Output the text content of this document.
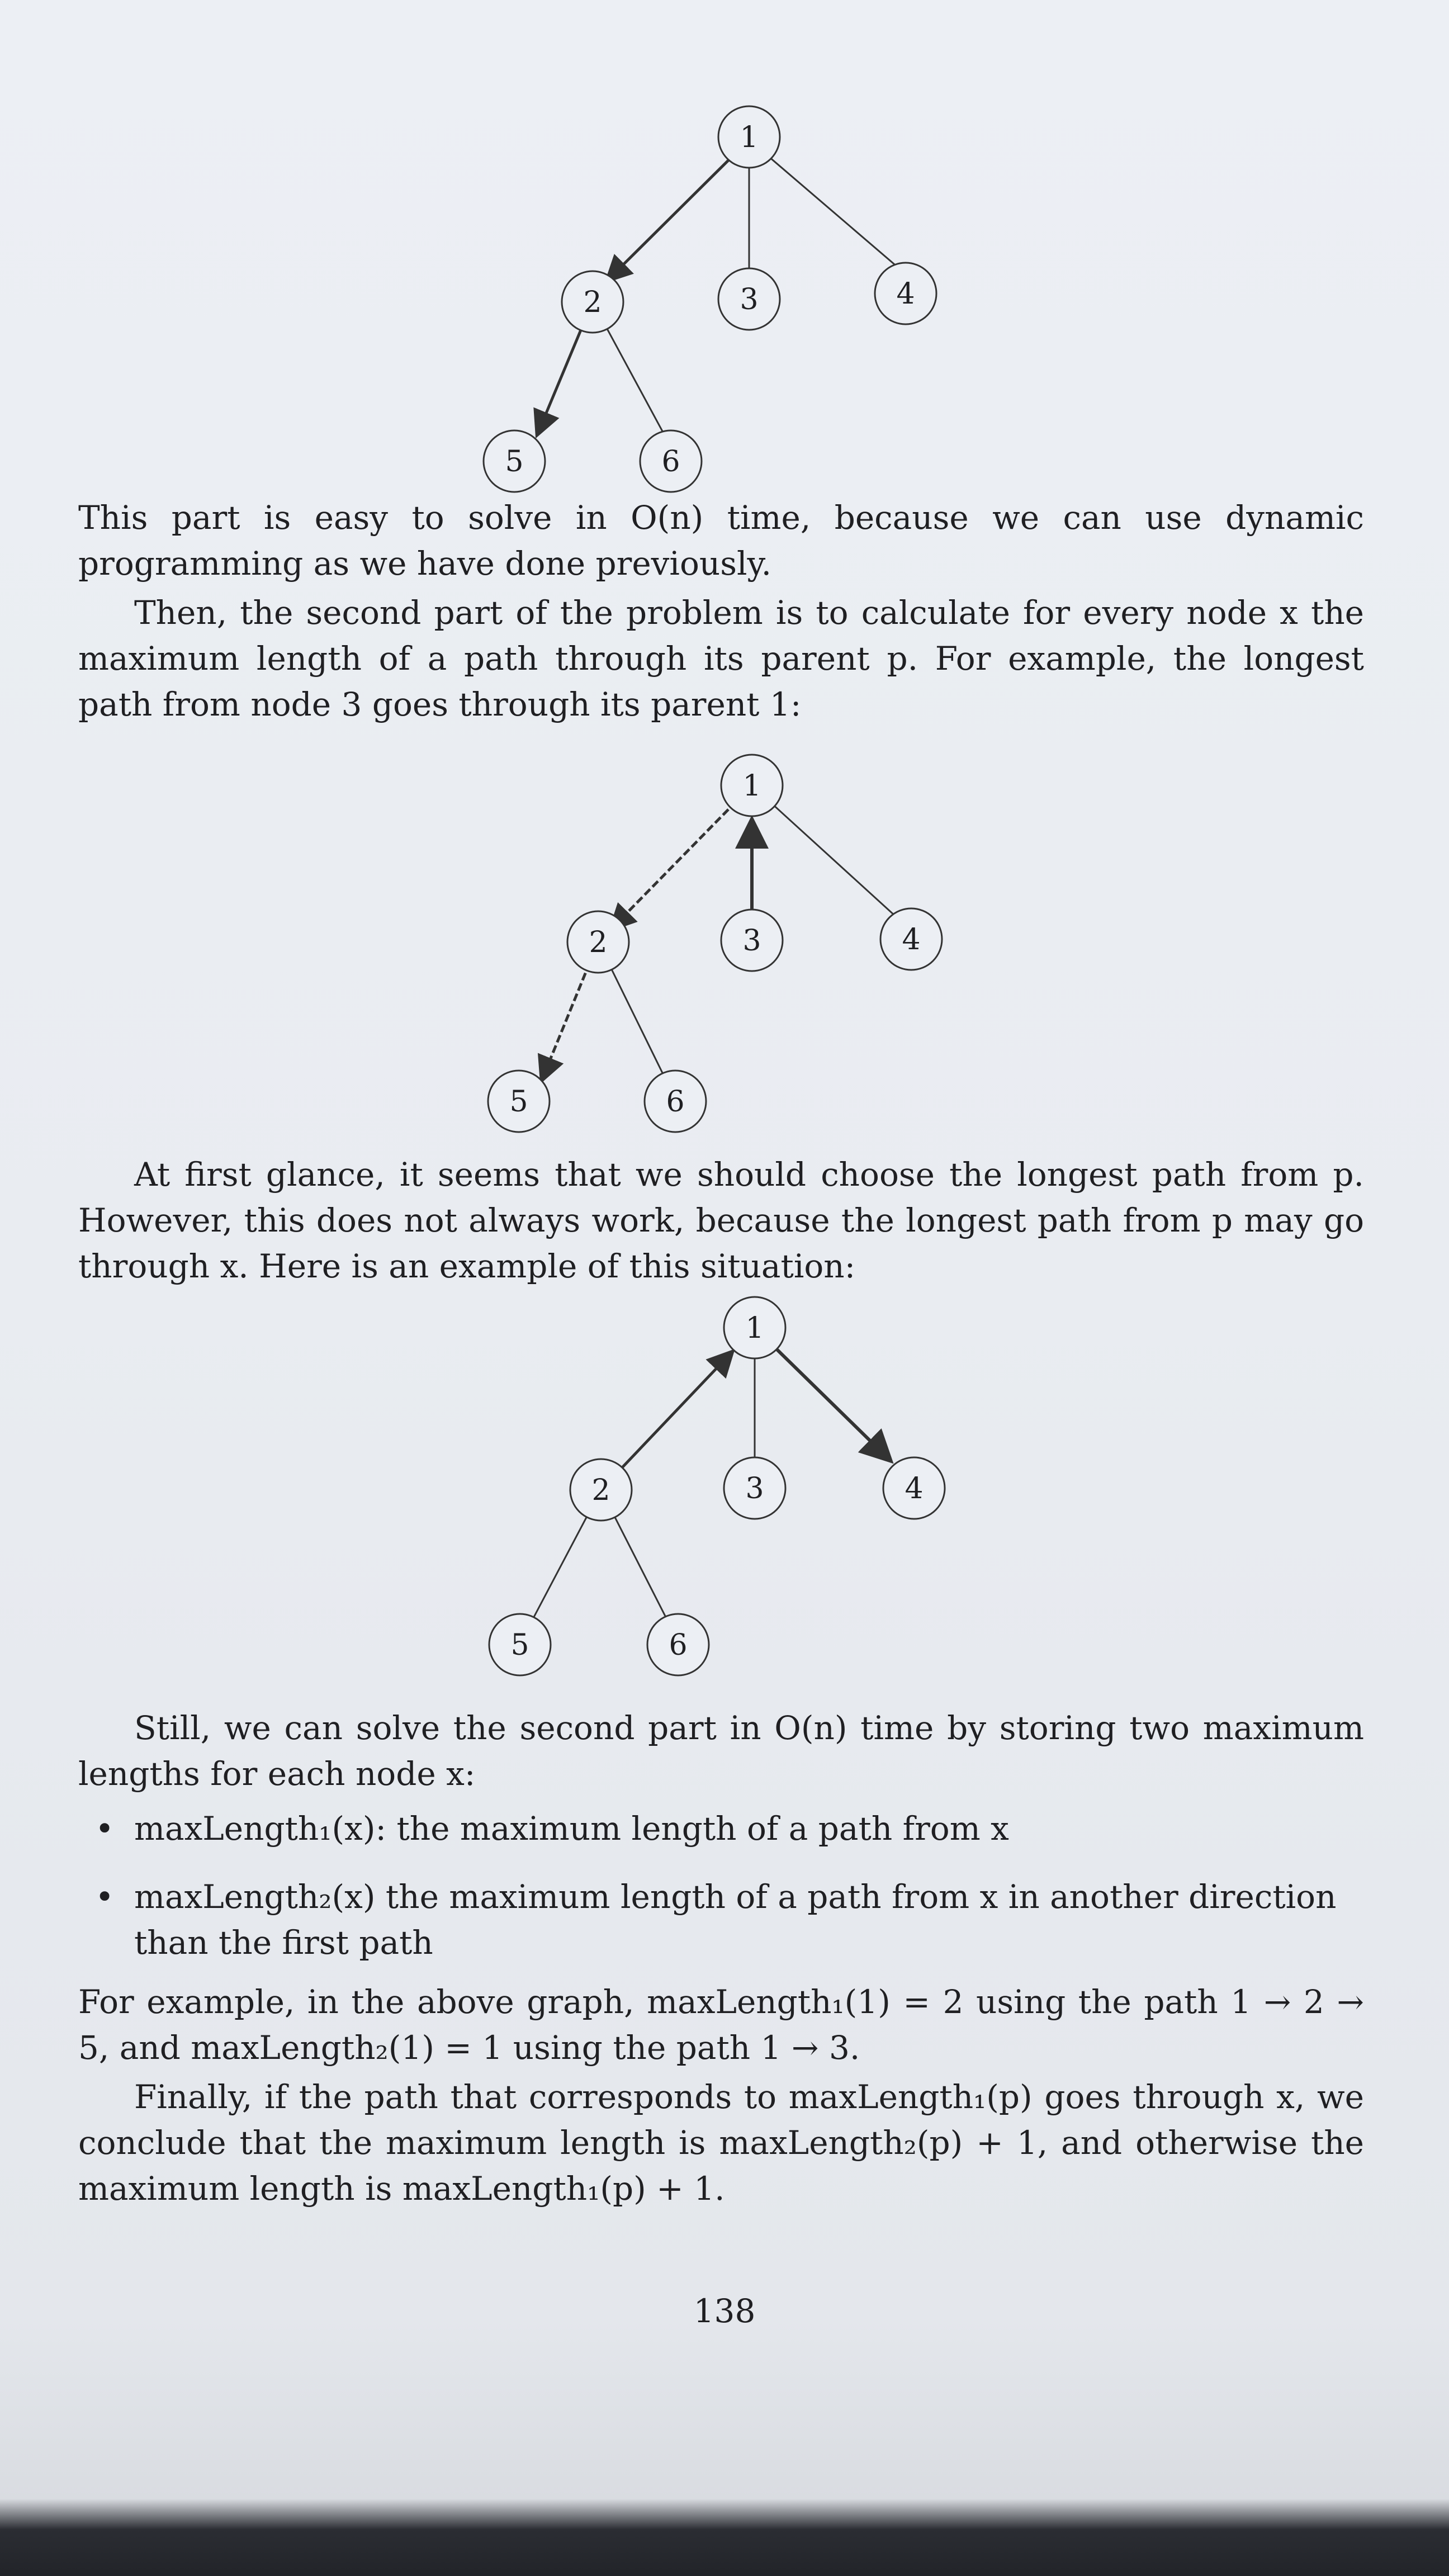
1
2	3	4
5	6

This part is easy to solve in O(n) time, because we can use dynamic programming as we have done previously.

Then, the second part of the problem is to calculate for every node x the maximum length of a path through its parent p. For example, the longest path from node 3 goes through its parent 1:

1
2	3	4
5	6

At first glance, it seems that we should choose the longest path from p. However, this does not always work, because the longest path from p may go through x. Here is an example of this situation:

1
2	3	4
5	6

Still, we can solve the second part in O(n) time by storing two maximum lengths for each node x:

• maxLength₁(x): the maximum length of a path from x
• maxLength₂(x) the maximum length of a path from x in another direction than the first path

For example, in the above graph, maxLength₁(1) = 2 using the path 1 → 2 → 5, and maxLength₂(1) = 1 using the path 1 → 3.

Finally, if the path that corresponds to maxLength₁(p) goes through x, we conclude that the maximum length is maxLength₂(p) + 1, and otherwise the maximum length is maxLength₁(p) + 1.

138
